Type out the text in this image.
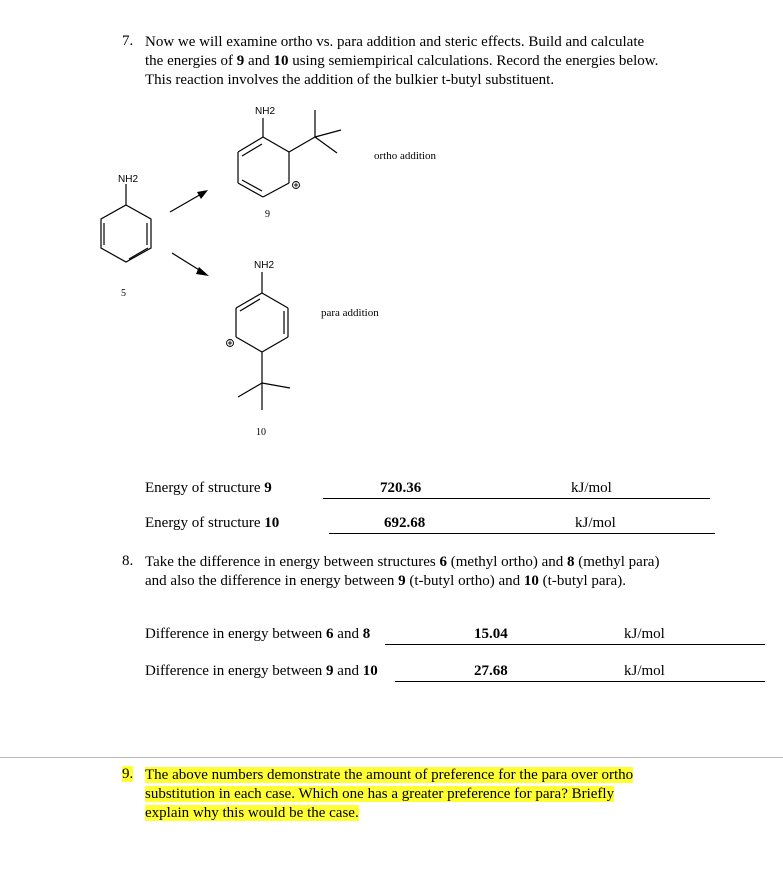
7. Now we will examine ortho vs. para addition and steric effects. Build and calculate the energies of 9 and 10 using semiempirical calculations. Record the energies below. This reaction involves the addition of the bulkier t-butyl substituent.
NH2
5
NH2
9
ortho addition
NH2
para addition
10
Energy of structure 9	720.36	kJ/mol
Energy of structure 10	692.68	kJ/mol
8. Take the difference in energy between structures 6 (methyl ortho) and 8 (methyl para) and also the difference in energy between 9 (t-butyl ortho) and 10 (t-butyl para).
Difference in energy between 6 and 8	15.04	kJ/mol
Difference in energy between 9 and 10	27.68	kJ/mol
9. The above numbers demonstrate the amount of preference for the para over ortho
substitution in each case. Which one has a greater preference for para? Briefly
explain why this would be the case.
